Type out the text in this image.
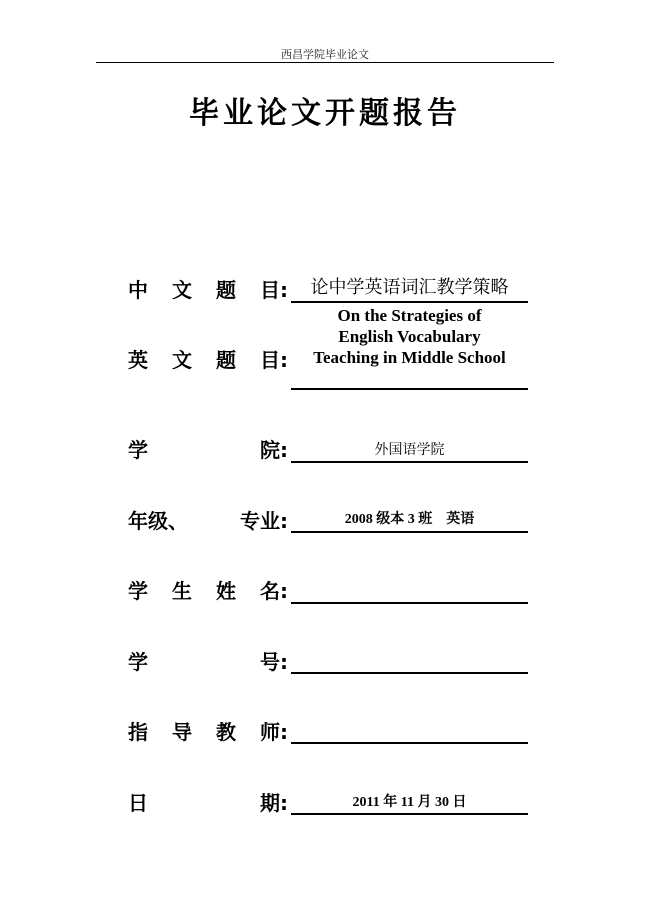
西昌学院毕业论文
毕业论文开题报告
中 文 题 目:	论中学英语词汇教学策略
英 文 题 目:
On the Strategies of English Vocabulary Teaching in Middle School
学	院:	外国语学院
年级、	专业:	2008 级本 3 班　英语
学 生 姓 名:
学	号:
指 导 教 师:
日	期:	2011 年 11 月 30 日
